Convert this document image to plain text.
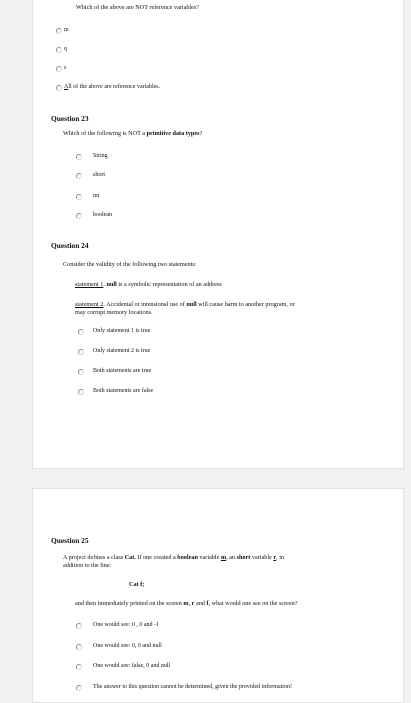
Which of the above are NOT reference variables?
m
q
s
All of the above are reference variables.
Question 23
Which of the following is NOT a primitive data types?
String
short
int
boolean
Question 24
Consider the validity of the following two statements:
statement 1. null is a symbolic representation of an address
statement 2. Accidental or intensional use of null will cause harm to another program, or
may corrupt memory locations.
Only statement 1 is true
Only statement 2 is true
Both statements are true
Both statements are false
Question 25
A project defines a class Cat. If one created a boolean variable m, an short variable r, in
addition to the line:
Cat f;
and then immediately printed on the screen m, r and f, what would one see on the screen?
One would see: 0 , 0 and -1
One would see: 0, 0 and null
One would see: false, 0 and null
The answer to this question cannot be determined, given the provided information!
